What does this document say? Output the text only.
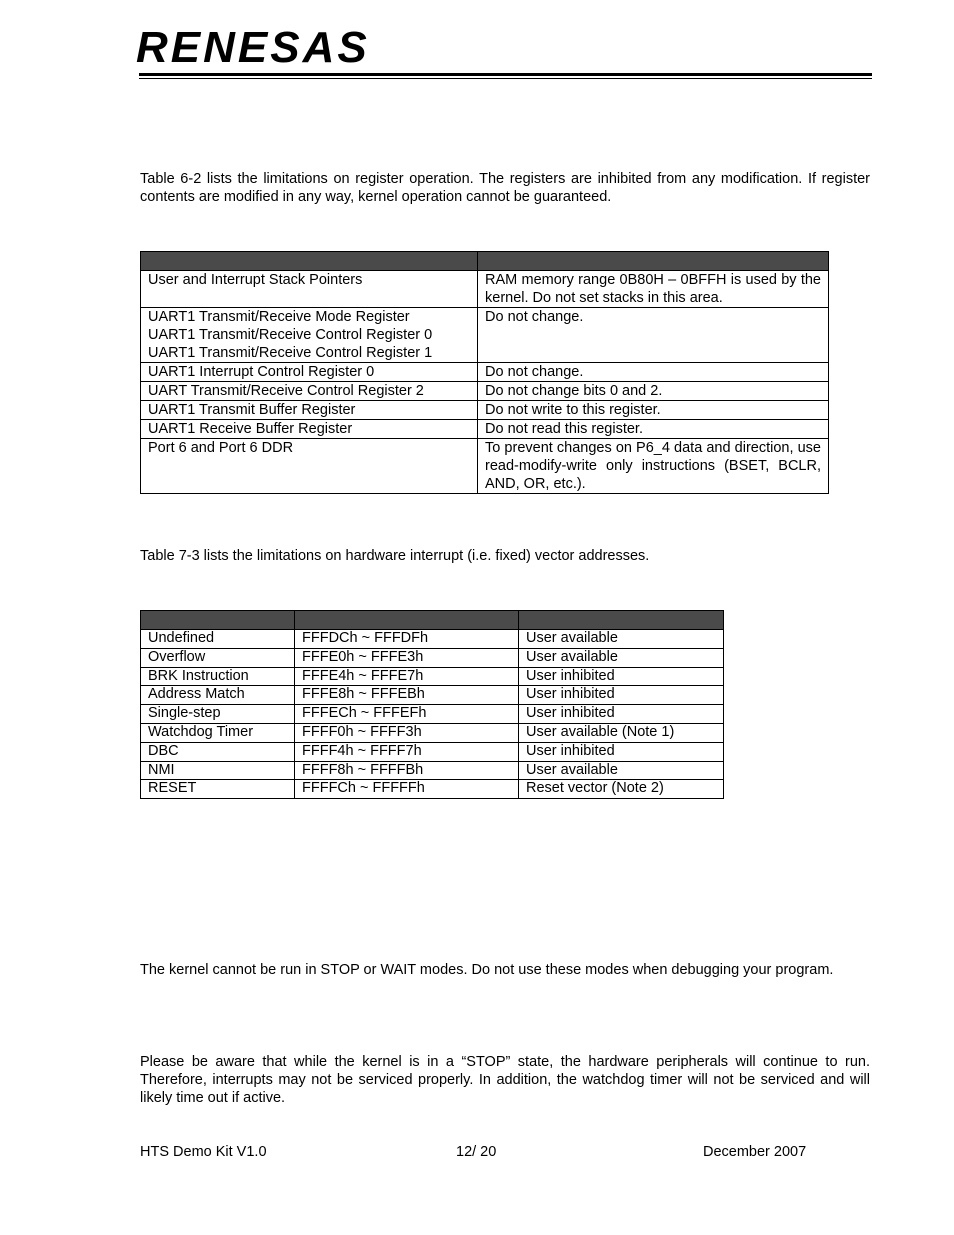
RENESAS

Table 6-2 lists the limitations on register operation. The registers are inhibited from any modification. If register contents are modified in any way, kernel operation cannot be guaranteed.

User and Interrupt Stack Pointers	RAM memory range 0B80H – 0BFFH is used by the kernel. Do not set stacks in this area.

UART1 Transmit/Receive Mode Register
UART1 Transmit/Receive Control Register 0
UART1 Transmit/Receive Control Register 1	Do not change.

UART1 Interrupt Control Register 0	Do not change.

UART Transmit/Receive Control Register 2	Do not change bits 0 and 2.

UART1 Transmit Buffer Register	Do not write to this register.

UART1 Receive Buffer Register	Do not read this register.

Port 6 and Port 6 DDR	To prevent changes on P6_4 data and direction, use read-modify-write only instructions (BSET, BCLR, AND, OR, etc.).

Table 7-3 lists the limitations on hardware interrupt (i.e. fixed) vector addresses.

Undefined	FFFDCh ~ FFFDFh	User available
Overflow	FFFE0h ~ FFFE3h	User available
BRK Instruction	FFFE4h ~ FFFE7h	User inhibited
Address Match	FFFE8h ~ FFFEBh	User inhibited
Single-step	FFFECh ~ FFFEFh	User inhibited
Watchdog Timer	FFFF0h ~ FFFF3h	User available (Note 1)
DBC	FFFF4h ~ FFFF7h	User inhibited
NMI	FFFF8h ~ FFFFBh	User available
RESET	FFFFCh ~ FFFFFh	Reset vector (Note 2)

The kernel cannot be run in STOP or WAIT modes. Do not use these modes when debugging your program.

Please be aware that while the kernel is in a “STOP” state, the hardware peripherals will continue to run. Therefore, interrupts may not be serviced properly. In addition, the watchdog timer will not be serviced and will likely time out if active.

HTS Demo Kit V1.0	12/ 20	December 2007
